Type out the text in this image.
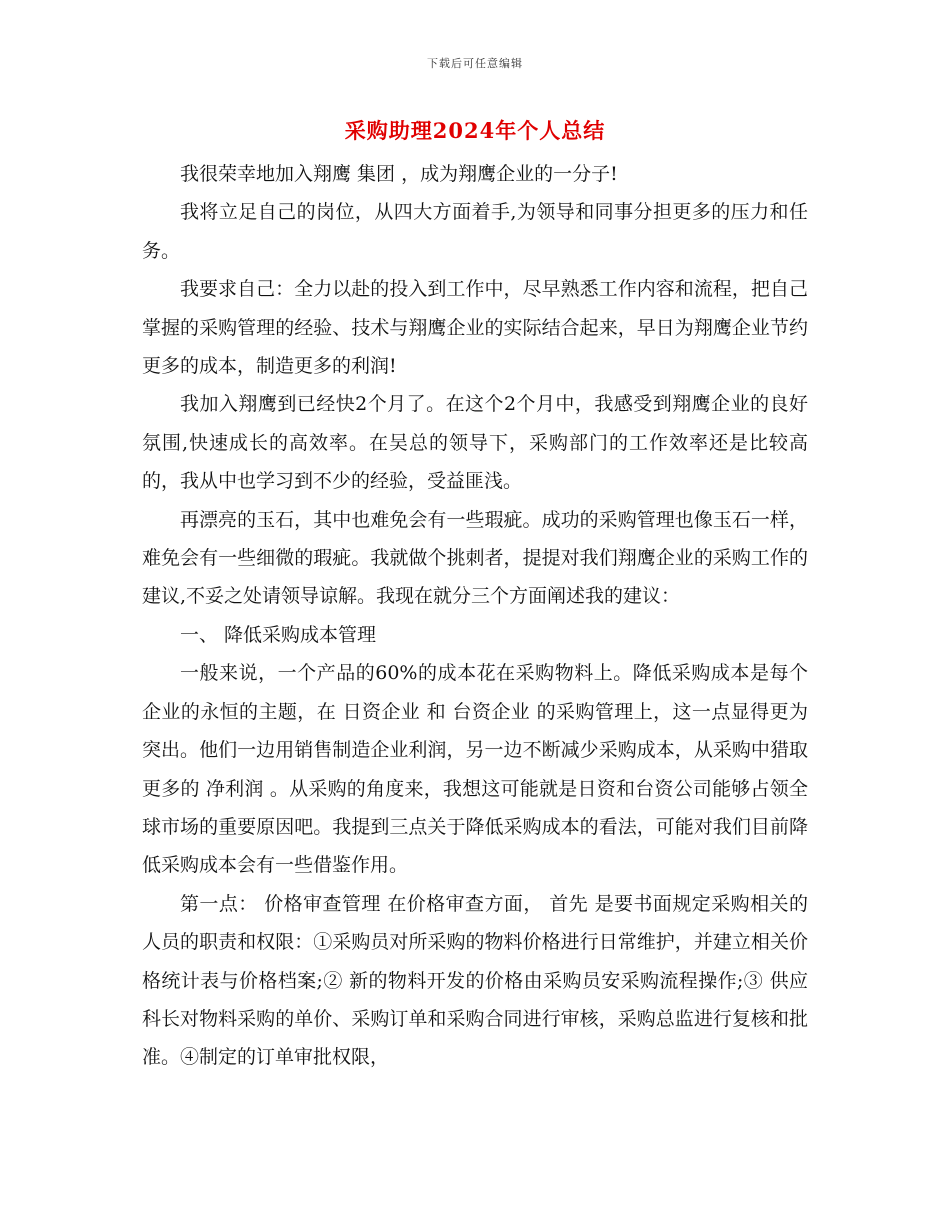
下载后可任意编辑
采购助理2024年个人总结

我很荣幸地加入翔鹰 集团 ，成为翔鹰企业的一分子!

我将立足自己的岗位，从四大方面着手,为领导和同事分担更多的压力和任务。

我要求自己：全力以赴的投入到工作中，尽早熟悉工作内容和流程，把自己掌握的采购管理的经验、技术与翔鹰企业的实际结合起来，早日为翔鹰企业节约更多的成本，制造更多的利润!

我加入翔鹰到已经快2个月了。在这个2个月中，我感受到翔鹰企业的良好氛围,快速成长的高效率。在吴总的领导下，采购部门的工作效率还是比较高的，我从中也学习到不少的经验，受益匪浅。

再漂亮的玉石，其中也难免会有一些瑕疵。成功的采购管理也像玉石一样，难免会有一些细微的瑕疵。我就做个挑刺者，提提对我们翔鹰企业的采购工作的建议,不妥之处请领导谅解。我现在就分三个方面阐述我的建议：

一、 降低采购成本管理

一般来说，一个产品的60%的成本花在采购物料上。降低采购成本是每个企业的永恒的主题，在 日资企业 和 台资企业 的采购管理上，这一点显得更为突出。他们一边用销售制造企业利润，另一边不断减少采购成本，从采购中猎取更多的 净利润 。从采购的角度来，我想这可能就是日资和台资公司能够占领全球市场的重要原因吧。我提到三点关于降低采购成本的看法，可能对我们目前降低采购成本会有一些借鉴作用。

第一点： 价格审查管理 在价格审查方面， 首先 是要书面规定采购相关的人员的职责和权限：①采购员对所采购的物料价格进行日常维护，并建立相关价格统计表与价格档案;② 新的物料开发的价格由采购员安采购流程操作;③ 供应科长对物料采购的单价、采购订单和采购合同进行审核，采购总监进行复核和批准。④制定的订单审批权限，
